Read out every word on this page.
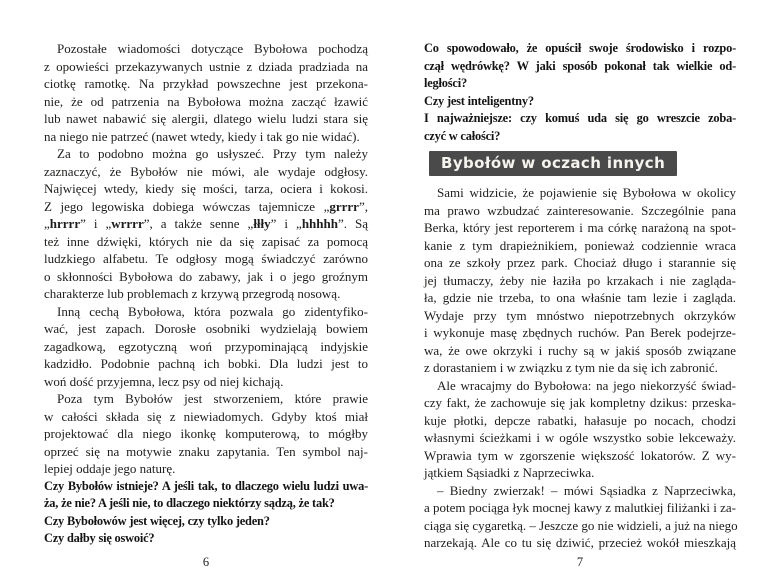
Pozostałe wiadomości dotyczące Bybołowa pochodzą
z opowieści przekazywanych ustnie z dziada pradziada na
ciotkę ramotkę. Na przykład powszechne jest przekona-
nie, że od patrzenia na Bybołowa można zacząć łzawić
lub nawet nabawić się alergii, dlatego wielu ludzi stara się
na niego nie patrzeć (nawet wtedy, kiedy i tak go nie widać).
Za to podobno można go usłyszeć. Przy tym należy
zaznaczyć, że Bybołów nie mówi, ale wydaje odgłosy.
Najwięcej wtedy, kiedy się mości, tarza, ociera i kokosi.
Z jego legowiska dobiega wówczas tajemnicze „grrrr”,
„hrrrr” i „wrrrr”, a także senne „łłły” i „hhhhh”. Są
też inne dźwięki, których nie da się zapisać za pomocą
ludzkiego alfabetu. Te odgłosy mogą świadczyć zarówno
o skłonności Bybołowa do zabawy, jak i o jego groźnym
charakterze lub problemach z krzywą przegrodą nosową.
Inną cechą Bybołowa, która pozwala go zidentyfiko-
wać, jest zapach. Dorosłe osobniki wydzielają bowiem
zagadkową, egzotyczną woń przypominającą indyjskie
kadzidło. Podobnie pachną ich bobki. Dla ludzi jest to
woń dość przyjemna, lecz psy od niej kichają.
Poza tym Bybołów jest stworzeniem, które prawie
w całości składa się z niewiadomych. Gdyby ktoś miał
projektować dla niego ikonkę komputerową, to mógłby
oprzeć się na motywie znaku zapytania. Ten symbol naj-
lepiej oddaje jego naturę.
Czy Bybołów istnieje? A jeśli tak, to dlaczego wielu ludzi uwa-
ża, że nie? A jeśli nie, to dlaczego niektórzy sądzą, że tak?
Czy Bybołowów jest więcej, czy tylko jeden?
Czy dałby się oswoić?
6
Co spowodowało, że opuścił swoje środowisko i rozpo-
czął wędrówkę? W jaki sposób pokonał tak wielkie od-
ległości?
Czy jest inteligentny?
I najważniejsze: czy komuś uda się go wreszcie zoba-
czyć w całości?
Bybołów w oczach innych
Sami widzicie, że pojawienie się Bybołowa w okolicy
ma prawo wzbudzać zainteresowanie. Szczególnie pana
Berka, który jest reporterem i ma córkę narażoną na spot-
kanie z tym drapieżnikiem, ponieważ codziennie wraca
ona ze szkoły przez park. Chociaż długo i starannie się
jej tłumaczy, żeby nie łaziła po krzakach i nie zagląda-
ła, gdzie nie trzeba, to ona właśnie tam lezie i zagląda.
Wydaje przy tym mnóstwo niepotrzebnych okrzyków
i wykonuje masę zbędnych ruchów. Pan Berek podejrze-
wa, że owe okrzyki i ruchy są w jakiś sposób związane
z dorastaniem i w związku z tym nie da się ich zabronić.
Ale wracajmy do Bybołowa: na jego niekorzyść świad-
czy fakt, że zachowuje się jak kompletny dzikus: przeska-
kuje płotki, depcze rabatki, hałasuje po nocach, chodzi
własnymi ścieżkami i w ogóle wszystko sobie lekceważy.
Wprawia tym w zgorszenie większość lokatorów. Z wy-
jątkiem Sąsiadki z Naprzeciwka.
– Biedny zwierzak! – mówi Sąsiadka z Naprzeciwka,
a potem pociąga łyk mocnej kawy z malutkiej filiżanki i za-
ciąga się cygaretką. – Jeszcze go nie widzieli, a już na niego
narzekają. Ale co tu się dziwić, przecież wokół mieszkają
7
